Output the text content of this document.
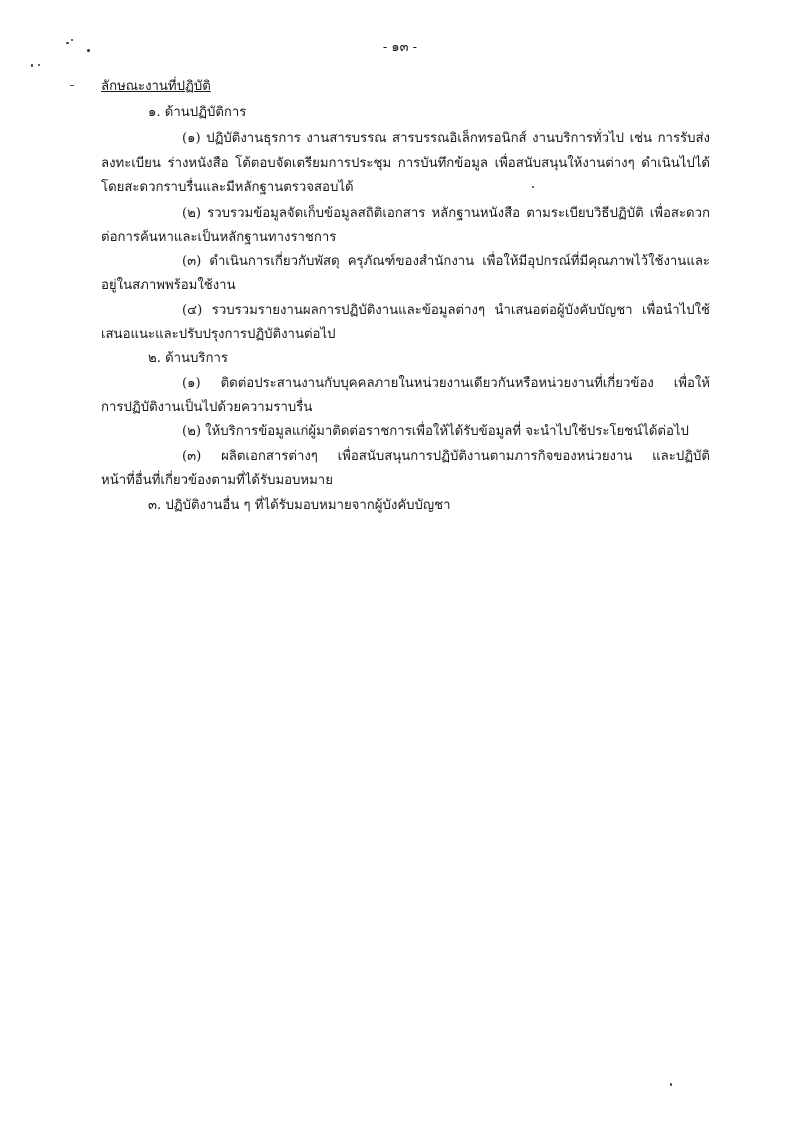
- ๑๓ -
ลักษณะงานที่ปฏิบัติ
๑. ด้านปฏิบัติการ
(๑) ปฏิบัติงานธุรการ งานสารบรรณ สารบรรณอิเล็กทรอนิกส์ งานบริการทั่วไป เช่น การรับส่ง
ลงทะเบียน ร่างหนังสือ โต้ตอบจัดเตรียมการประชุม การบันทึกข้อมูล เพื่อสนับสนุนให้งานต่างๆ ดำเนินไปได้
โดยสะดวกราบรื่นและมีหลักฐานตรวจสอบได้
(๒) รวบรวมข้อมูลจัดเก็บข้อมูลสถิติเอกสาร หลักฐานหนังสือ ตามระเบียบวิธีปฏิบัติ เพื่อสะดวก
ต่อการค้นหาและเป็นหลักฐานทางราชการ
(๓) ดำเนินการเกี่ยวกับพัสดุ ครุภัณฑ์ของสำนักงาน เพื่อให้มีอุปกรณ์ที่มีคุณภาพไว้ใช้งานและ
อยู่ในสภาพพร้อมใช้งาน
(๔) รวบรวมรายงานผลการปฏิบัติงานและข้อมูลต่างๆ นำเสนอต่อผู้บังคับบัญชา เพื่อนำไปใช้
เสนอแนะและปรับปรุงการปฏิบัติงานต่อไป
๒. ด้านบริการ
(๑) ติดต่อประสานงานกับบุคคลภายในหน่วยงานเดียวกันหรือหน่วยงานที่เกี่ยวข้อง เพื่อให้
การปฏิบัติงานเป็นไปด้วยความราบรื่น
(๒) ให้บริการข้อมูลแก่ผู้มาติดต่อราชการเพื่อให้ได้รับข้อมูลที่ จะนำไปใช้ประโยชน์ได้ต่อไป
(๓) ผลิตเอกสารต่างๆ เพื่อสนับสนุนการปฏิบัติงานตามภารกิจของหน่วยงาน และปฏิบัติ
หน้าที่อื่นที่เกี่ยวข้องตามที่ได้รับมอบหมาย
๓. ปฏิบัติงานอื่น ๆ ที่ได้รับมอบหมายจากผู้บังคับบัญชา
